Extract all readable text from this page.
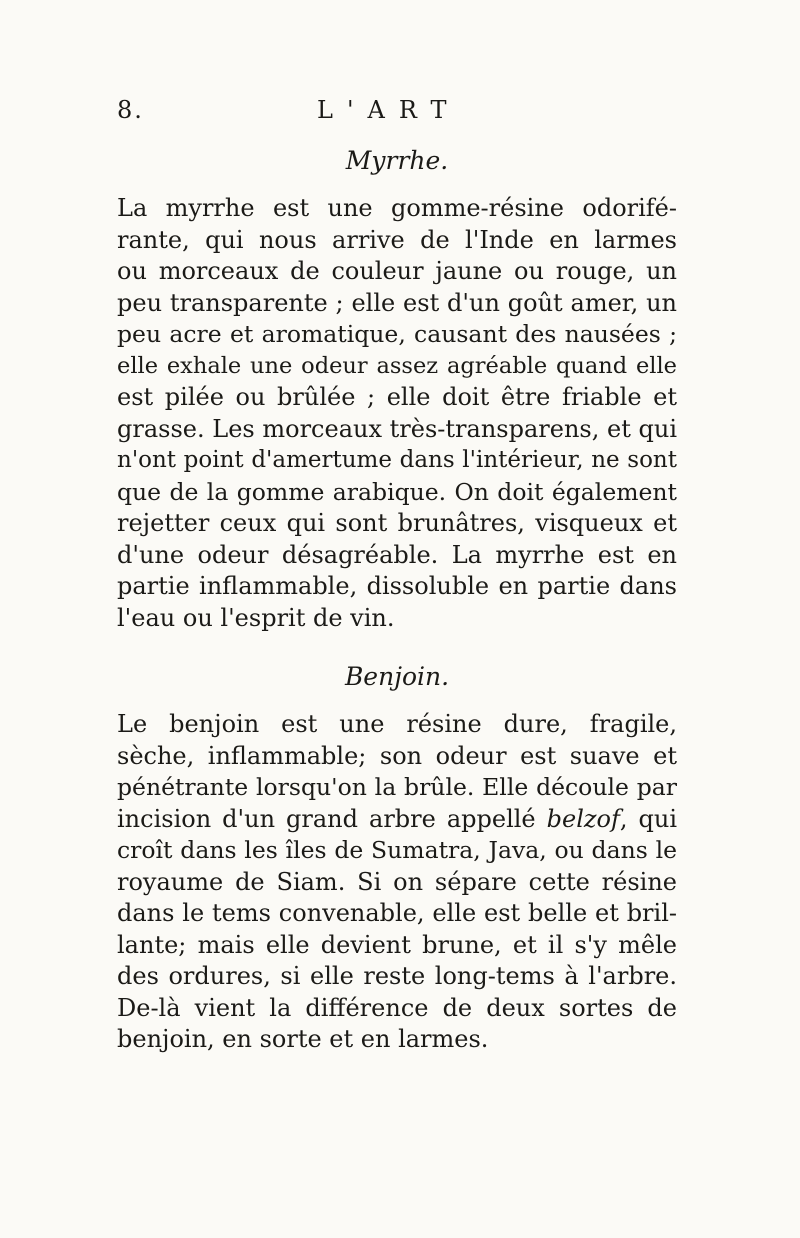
8.	L'ART
Myrrhe.

La myrrhe est une gomme-résine odorifé-

rante, qui nous arrive de l'Inde en larmes

ou morceaux de couleur jaune ou rouge, un

peu transparente ; elle est d'un goût amer, un

peu acre et aromatique, causant des nausées ;

elle exhale une odeur assez agréable quand elle

est pilée ou brûlée ; elle doit être friable et

grasse. Les morceaux très-transparens, et qui

n'ont point d'amertume dans l'intérieur, ne sont

que de la gomme arabique. On doit également

rejetter ceux qui sont brunâtres, visqueux et

d'une odeur désagréable. La myrrhe est en

partie inflammable, dissoluble en partie dans

l'eau ou l'esprit de vin.

Benjoin.

Le benjoin est une résine dure, fragile,

sèche, inflammable; son odeur est suave et

pénétrante lorsqu'on la brûle. Elle découle par

incision d'un grand arbre appellé belzof, qui

croît dans les îles de Sumatra, Java, ou dans le

royaume de Siam. Si on sépare cette résine

dans le tems convenable, elle est belle et bril-

lante; mais elle devient brune, et il s'y mêle

des ordures, si elle reste long-tems à l'arbre.

De-là vient la différence de deux sortes de

benjoin, en sorte et en larmes.
